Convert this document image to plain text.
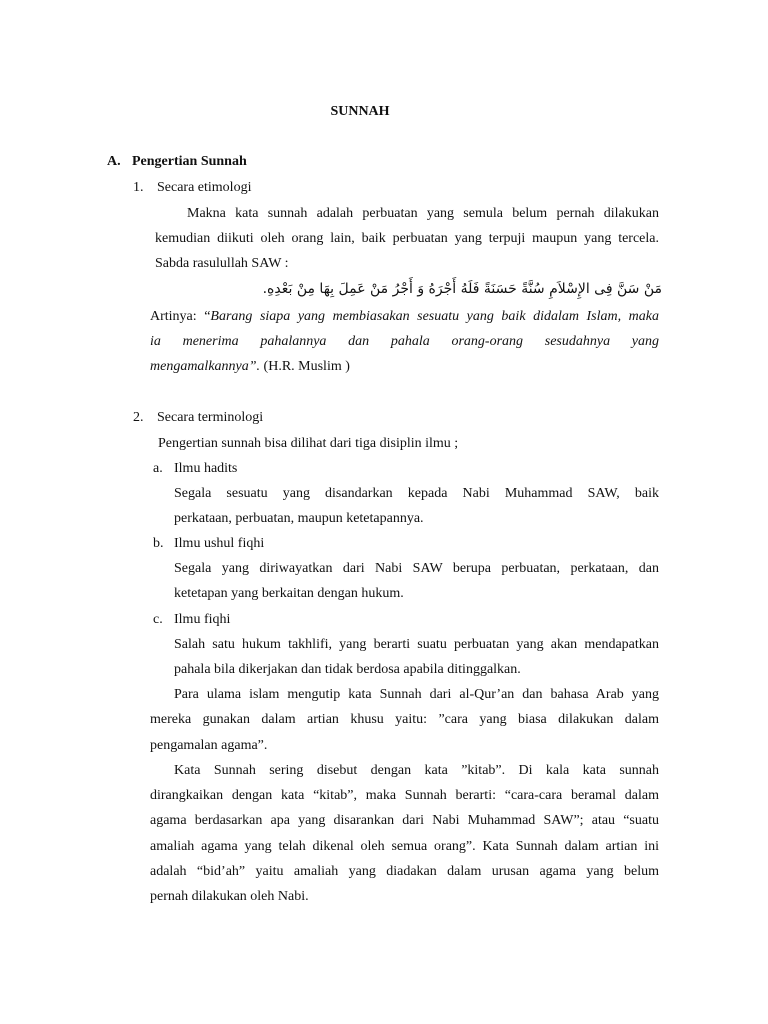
SUNNAH
A. Pengertian Sunnah
1. Secara etimologi
Makna kata sunnah adalah perbuatan yang semula belum pernah dilakukan
kemudian diikuti oleh orang lain, baik perbuatan yang terpuji maupun yang tercela.
Sabda rasulullah SAW :
مَنْ سَنَّ فِى الإِسْلاَمِ سُنَّةً حَسَنَةً فَلَهُ أَجْرَهُ وَ أَجْرُ مَنْ عَمِلَ بِهَا مِنْ بَعْدِهِ.
Artinya: “Barang siapa yang membiasakan sesuatu yang baik didalam Islam, maka
ia menerima pahalannya dan pahala orang-orang sesudahnya yang
mengamalkannya”. (H.R. Muslim )
2. Secara terminologi
Pengertian sunnah bisa dilihat dari tiga disiplin ilmu ;
a. Ilmu hadits
Segala sesuatu yang disandarkan kepada Nabi Muhammad SAW, baik
perkataan, perbuatan, maupun ketetapannya.
b. Ilmu ushul fiqhi
Segala yang diriwayatkan dari Nabi SAW berupa perbuatan, perkataan, dan
ketetapan yang berkaitan dengan hukum.
c. Ilmu fiqhi
Salah satu hukum takhlifi, yang berarti suatu perbuatan yang akan mendapatkan
pahala bila dikerjakan dan tidak berdosa apabila ditinggalkan.
Para ulama islam mengutip kata Sunnah dari al-Qur’an dan bahasa Arab yang
mereka gunakan dalam artian khusu yaitu: ”cara yang biasa dilakukan dalam
pengamalan agama”.
Kata Sunnah sering disebut dengan kata ”kitab”. Di kala kata sunnah
dirangkaikan dengan kata “kitab”, maka Sunnah berarti: “cara-cara beramal dalam
agama berdasarkan apa yang disarankan dari Nabi Muhammad SAW”; atau “suatu
amaliah agama yang telah dikenal oleh semua orang”. Kata Sunnah dalam artian ini
adalah “bid’ah” yaitu amaliah yang diadakan dalam urusan agama yang belum
pernah dilakukan oleh Nabi.
